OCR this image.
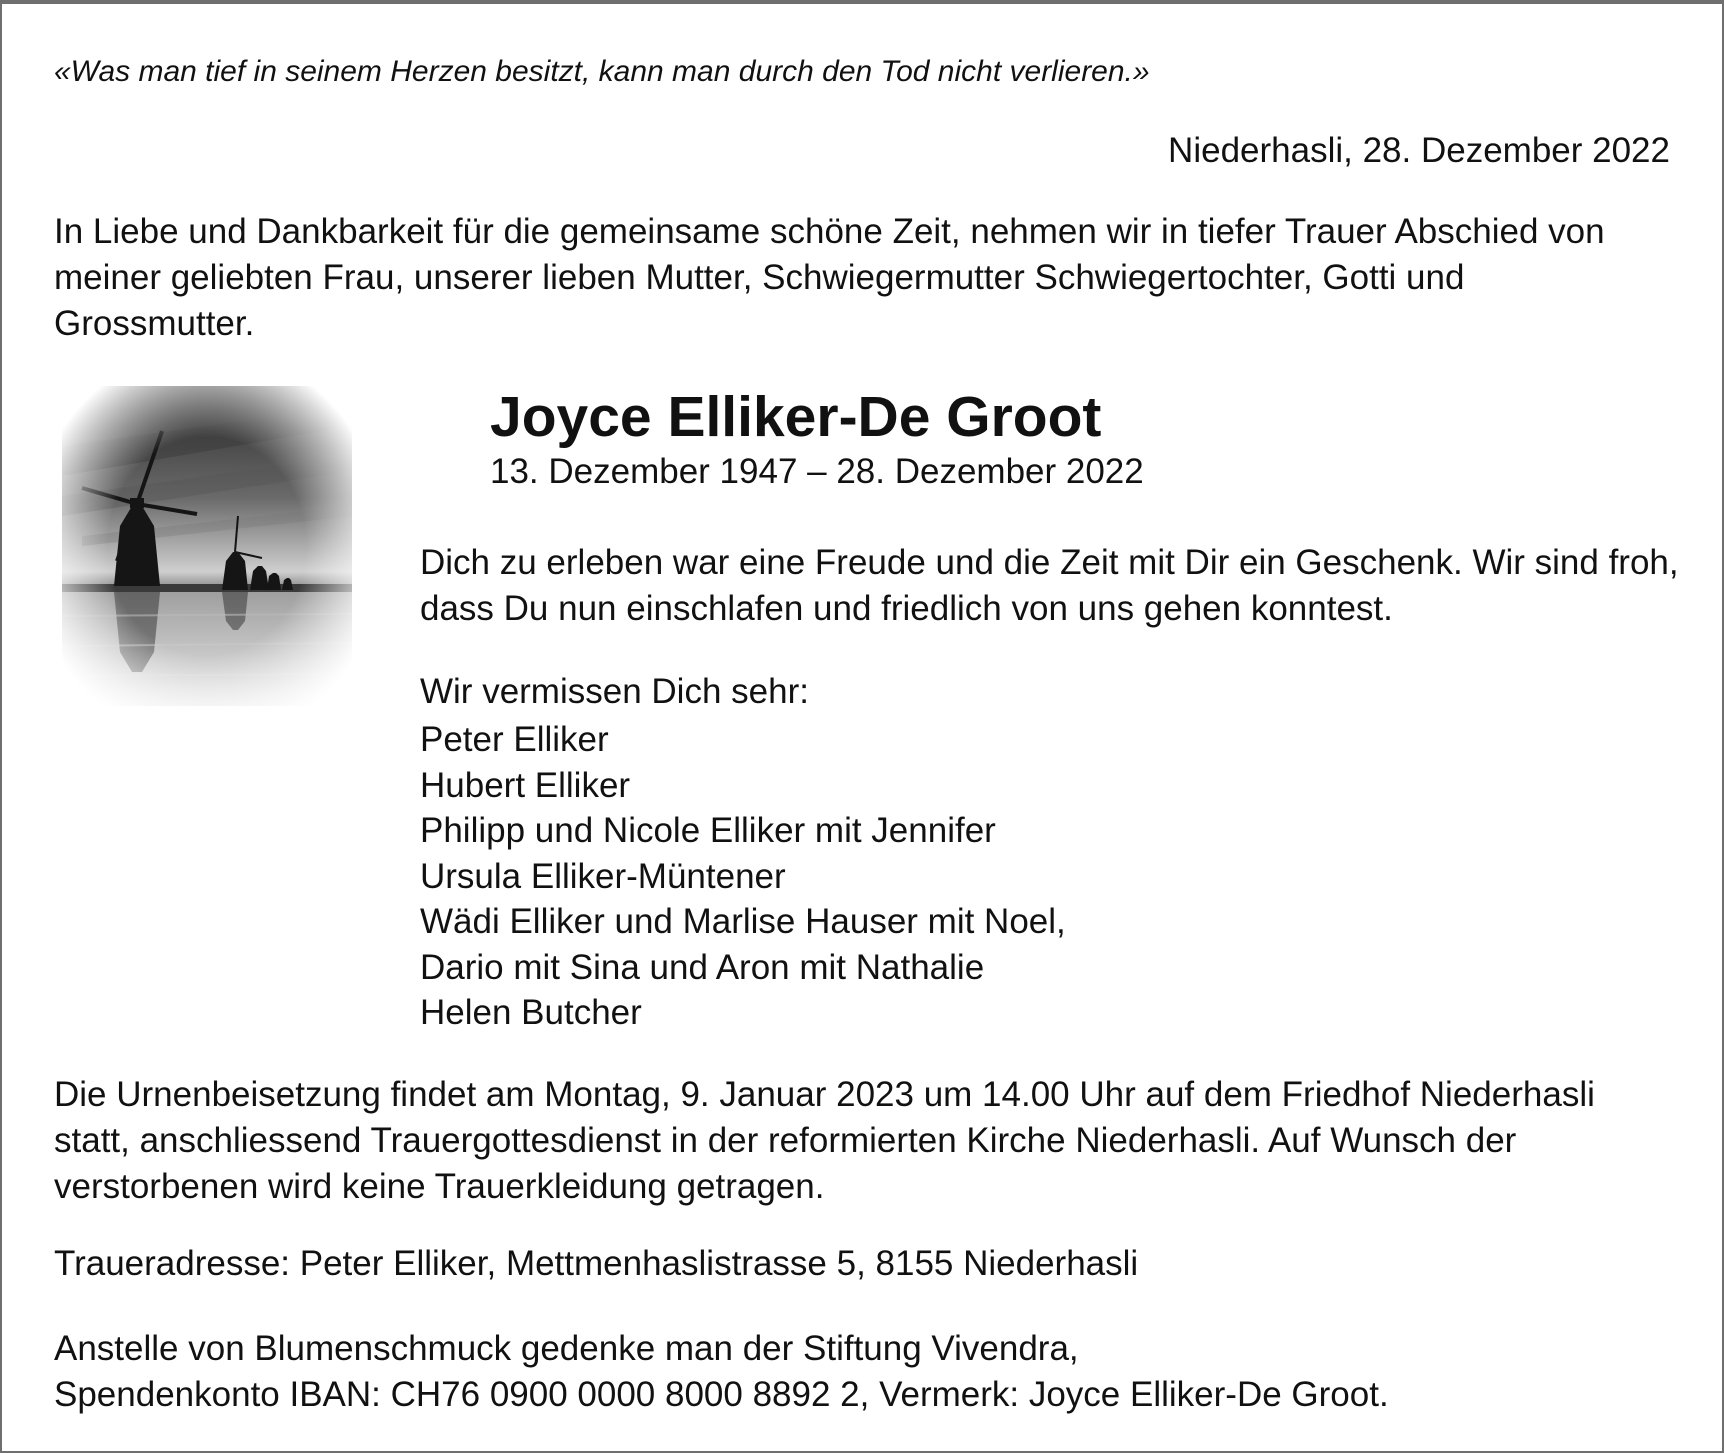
«Was man tief in seinem Herzen besitzt, kann man durch den Tod nicht verlieren.»

Niederhasli, 28. Dezember 2022

In Liebe und Dankbarkeit für die gemeinsame schöne Zeit, nehmen wir in tiefer Trauer Abschied von meiner geliebten Frau, unserer lieben Mutter, Schwiegermutter Schwiegertochter, Gotti und Grossmutter.

Joyce Elliker-De Groot

13. Dezember 1947 – 28. Dezember 2022

Dich zu erleben war eine Freude und die Zeit mit Dir ein Geschenk. Wir sind froh, dass Du nun einschlafen und friedlich von uns gehen konntest.

Wir vermissen Dich sehr:

Peter Elliker
Hubert Elliker
Philipp und Nicole Elliker mit Jennifer
Ursula Elliker-Müntener
Wädi Elliker und Marlise Hauser mit Noel,
Dario mit Sina und Aron mit Nathalie
Helen Butcher

Die Urnenbeisetzung findet am Montag, 9. Januar 2023 um 14.00 Uhr auf dem Friedhof Niederhasli statt, anschliessend Trauergottesdienst in der reformierten Kirche Niederhasli. Auf Wunsch der verstorbenen wird keine Trauerkleidung getragen.

Traueradresse: Peter Elliker, Mettmenhaslistrasse 5, 8155 Niederhasli

Anstelle von Blumenschmuck gedenke man der Stiftung Vivendra,
Spendenkonto IBAN: CH76 0900 0000 8000 8892 2, Vermerk: Joyce Elliker-De Groot.
